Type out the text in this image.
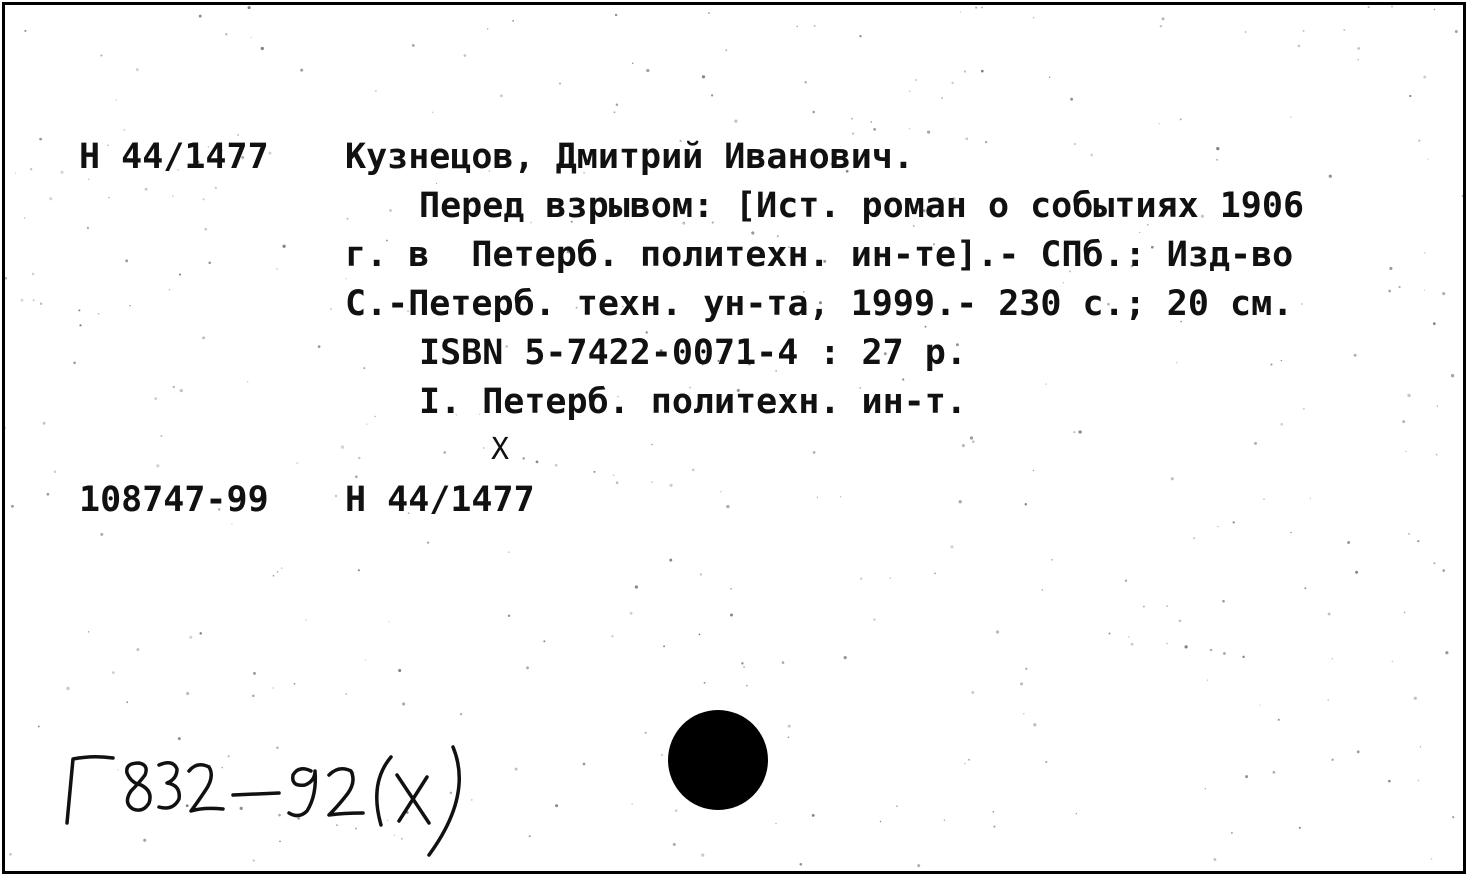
Н 44/1477 Кузнецов, Дмитрий Иванович.
Перед взрывом: [Ист. роман о событиях 1906
г. в  Петерб. политехн. ин-те].- СПб.: Изд-во
С.-Петерб. техн. ун-та, 1999.- 230 с.; 20 см.
ISBN 5-7422-0071-4 : 27 р.
I. Петерб. политехн. ин-т.
X
108747-99 Н 44/1477
